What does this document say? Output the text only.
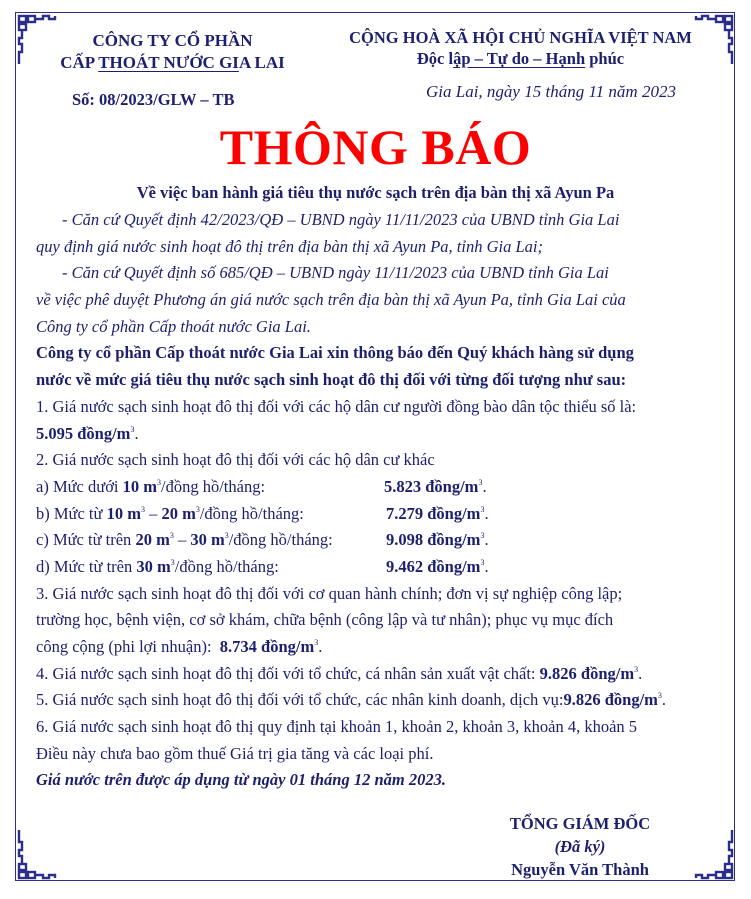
CÔNG TY CỔ PHẦN
CẤP THOÁT NƯỚC GIA LAI
Số: 08/2023/GLW – TB
CỘNG HOÀ XÃ HỘI CHỦ NGHĨA VIỆT NAM
Độc lập – Tự do – Hạnh phúc
Gia Lai, ngày 15 tháng 11 năm 2023
THÔNG BÁO
Về việc ban hành giá tiêu thụ nước sạch trên địa bàn thị xã Ayun Pa
- Căn cứ Quyết định 42/2023/QĐ – UBND ngày 11/11/2023 của UBND tỉnh Gia Lai
quy định giá nước sinh hoạt đô thị trên địa bàn thị xã Ayun Pa, tỉnh Gia Lai;
- Căn cứ Quyết định số 685/QĐ – UBND ngày 11/11/2023 của UBND tỉnh Gia Lai
về việc phê duyệt Phương án giá nước sạch trên địa bàn thị xã Ayun Pa, tỉnh Gia Lai của
Công ty cổ phần Cấp thoát nước Gia Lai.
Công ty cổ phần Cấp thoát nước Gia Lai xin thông báo đến Quý khách hàng sử dụng
nước về mức giá tiêu thụ nước sạch sinh hoạt đô thị đối với từng đối tượng như sau:
1. Giá nước sạch sinh hoạt đô thị đối với các hộ dân cư người đồng bào dân tộc thiểu số là:
5.095 đồng/$m^3$.
2. Giá nước sạch sinh hoạt đô thị đối với các hộ dân cư khác
a) Mức dưới 10 $m^3$/đồng hồ/tháng:	5.823 đồng/$m^3$.
b) Mức từ 10 $m^3 - 20$ $m^3$/đồng hồ/tháng:	7.279 đồng/$m^3$.
c) Mức từ trên 20 $m^3 - 30$ $m^3$/đồng hồ/tháng:	9.098 đồng/$m^3$.
d) Mức từ trên 30 $m^3$/đồng hồ/tháng:	9.462 đồng/$m^3$.
3. Giá nước sạch sinh hoạt đô thị đối với cơ quan hành chính; đơn vị sự nghiệp công lập;
trường học, bệnh viện, cơ sở khám, chữa bệnh (công lập và tư nhân); phục vụ mục đích
công cộng (phi lợi nhuận):  8.734 đồng/$m^3$.
4. Giá nước sạch sinh hoạt đô thị đối với tổ chức, cá nhân sản xuất vật chất: 9.826 đồng/$m^3$.
5. Giá nước sạch sinh hoạt đô thị đối với tổ chức, các nhân kinh doanh, dịch vụ:9.826 đồng/$m^3$.
6. Giá nước sạch sinh hoạt đô thị quy định tại khoản 1, khoản 2, khoản 3, khoản 4, khoản 5
Điều này chưa bao gồm thuế Giá trị gia tăng và các loại phí.
Giá nước trên được áp dụng từ ngày 01 tháng 12 năm 2023.
TỔNG GIÁM ĐỐC
(Đã ký)
Nguyễn Văn Thành
